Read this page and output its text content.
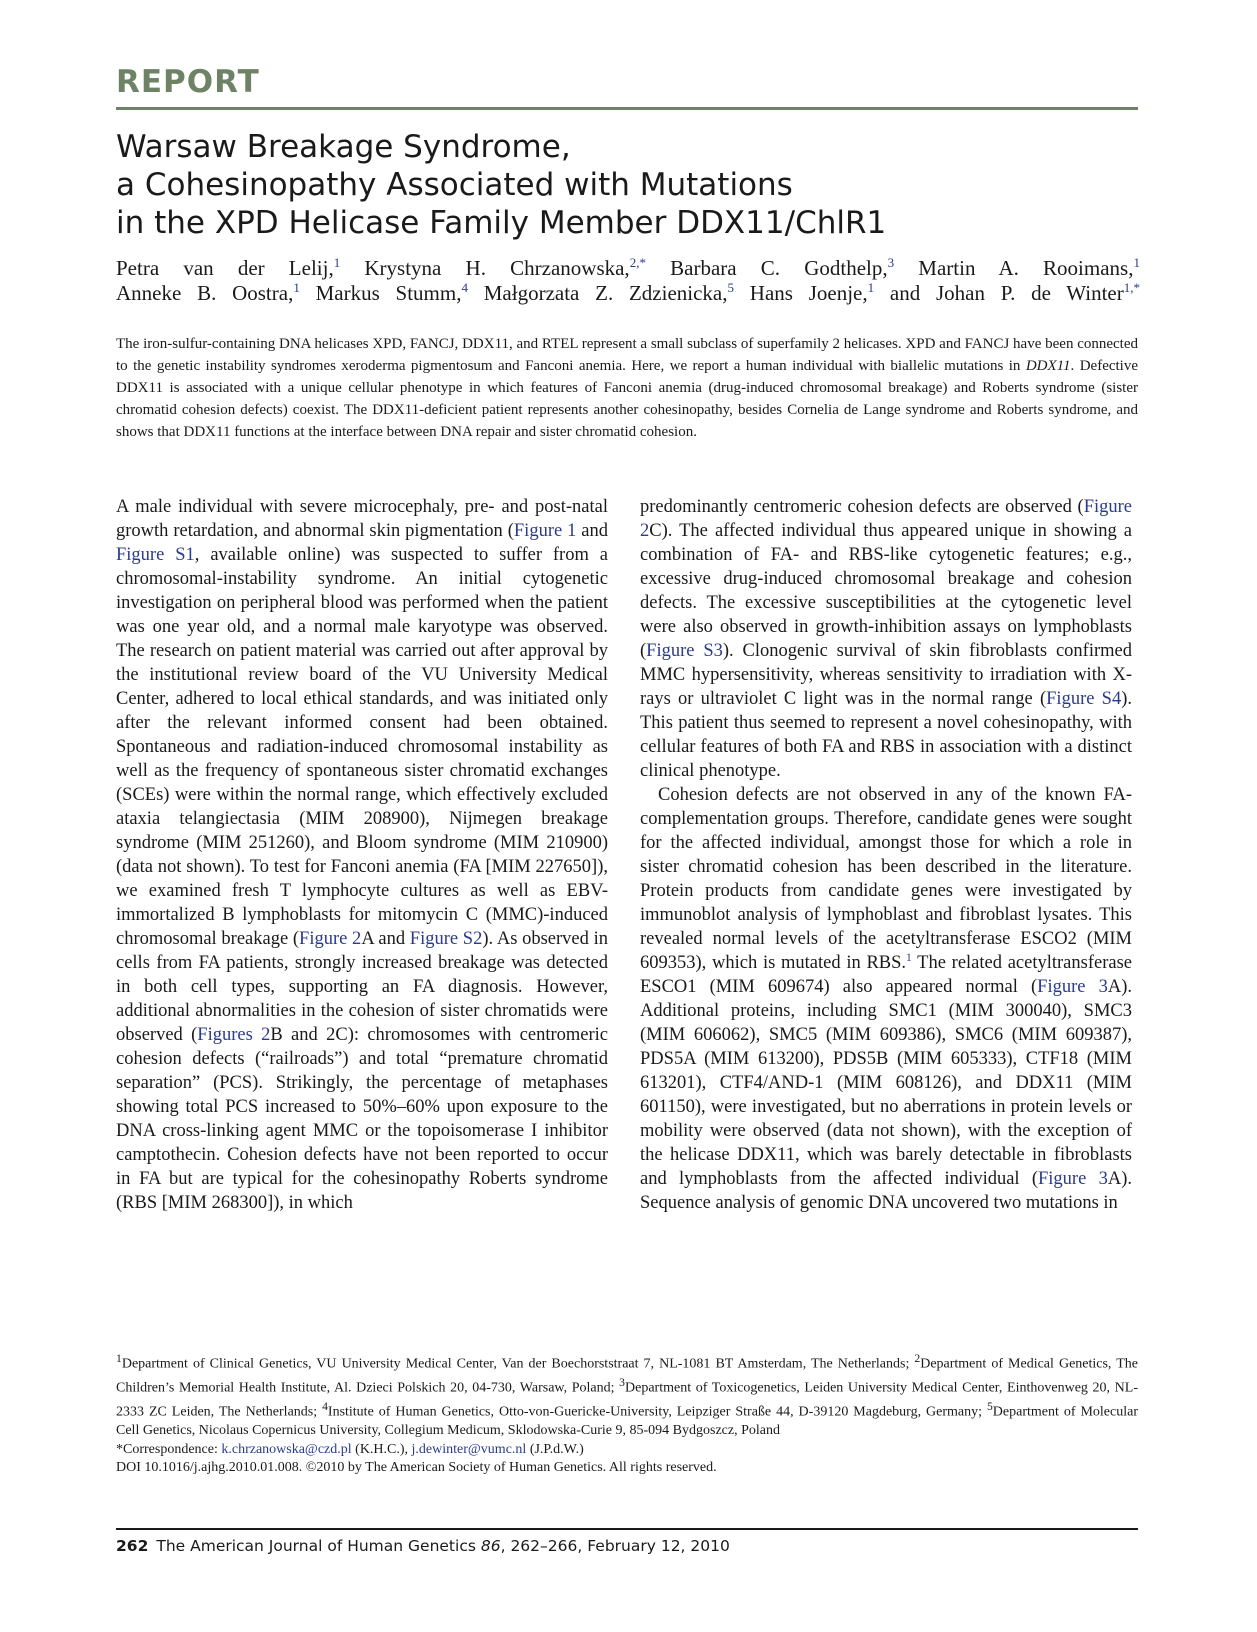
REPORT
Warsaw Breakage Syndrome,
a Cohesinopathy Associated with Mutations
in the XPD Helicase Family Member DDX11/ChlR1
Petra van der Lelij,$^1$ Krystyna H. Chrzanowska,$^{2,*}$ Barbara C. Godthelp,$^3$ Martin A. Rooimans,$^1$
Anneke B. Oostra,$^1$ Markus Stumm,$^4$ Małgorzata Z. Zdzienicka,$^5$ Hans Joenje,$^1$ and Johan P. de Winter$^{1,*}$

The iron-sulfur-containing DNA helicases XPD, FANCJ, DDX11, and RTEL represent a small subclass of superfamily 2 helicases. XPD and FANCJ have been connected to the genetic instability syndromes xeroderma pigmentosum and Fanconi anemia. Here, we report a human individual with biallelic mutations in DDX11. Defective DDX11 is associated with a unique cellular phenotype in which features of Fanconi anemia (drug-induced chromosomal breakage) and Roberts syndrome (sister chromatid cohesion defects) coexist. The DDX11-deficient patient represents another cohesinopathy, besides Cornelia de Lange syndrome and Roberts syndrome, and shows that DDX11 functions at the interface between DNA repair and sister chromatid cohesion.

A male individual with severe microcephaly, pre- and post-natal growth retardation, and abnormal skin pigmentation (Figure 1 and Figure S1, available online) was suspected to suffer from a chromosomal-instability syndrome. An initial cytogenetic investigation on peripheral blood was performed when the patient was one year old, and a normal male karyotype was observed. The research on patient material was carried out after approval by the institutional review board of the VU University Medical Center, adhered to local ethical standards, and was initiated only after the relevant informed consent had been obtained. Spontaneous and radiation-induced chromosomal instability as well as the frequency of spontaneous sister chromatid exchanges (SCEs) were within the normal range, which effectively excluded ataxia telangiectasia (MIM 208900), Nijmegen breakage syndrome (MIM 251260), and Bloom syndrome (MIM 210900) (data not shown). To test for Fanconi anemia (FA [MIM 227650]), we examined fresh T lymphocyte cultures as well as EBV-immortalized B lymphoblasts for mitomycin C (MMC)-induced chromosomal breakage (Figure 2A and Figure S2). As observed in cells from FA patients, strongly increased breakage was detected in both cell types, supporting an FA diagnosis. However, additional abnormalities in the cohesion of sister chromatids were observed (Figures 2B and 2C): chromosomes with centromeric cohesion defects (“railroads”) and total “premature chromatid separation” (PCS). Strikingly, the percentage of metaphases showing total PCS increased to 50%–60% upon exposure to the DNA cross-linking agent MMC or the topoisomerase I inhibitor camptothecin. Cohesion defects have not been reported to occur in FA but are typical for the cohesinopathy Roberts syndrome (RBS [MIM 268300]), in which

predominantly centromeric cohesion defects are observed (Figure 2C). The affected individual thus appeared unique in showing a combination of FA- and RBS-like cytogenetic features; e.g., excessive drug-induced chromosomal breakage and cohesion defects. The excessive susceptibilities at the cytogenetic level were also observed in growth-inhibition assays on lymphoblasts (Figure S3). Clonogenic survival of skin fibroblasts confirmed MMC hypersensitivity, whereas sensitivity to irradiation with X-rays or ultraviolet C light was in the normal range (Figure S4). This patient thus seemed to represent a novel cohesinopathy, with cellular features of both FA and RBS in association with a distinct clinical phenotype.

Cohesion defects are not observed in any of the known FA-complementation groups. Therefore, candidate genes were sought for the affected individual, amongst those for which a role in sister chromatid cohesion has been described in the literature. Protein products from candidate genes were investigated by immunoblot analysis of lymphoblast and fibroblast lysates. This revealed normal levels of the acetyltransferase ESCO2 (MIM 609353), which is mutated in RBS.$^1$ The related acetyltransferase ESCO1 (MIM 609674) also appeared normal (Figure 3A). Additional proteins, including SMC1 (MIM 300040), SMC3 (MIM 606062), SMC5 (MIM 609386), SMC6 (MIM 609387), PDS5A (MIM 613200), PDS5B (MIM 605333), CTF18 (MIM 613201), CTF4/AND-1 (MIM 608126), and DDX11 (MIM 601150), were investigated, but no aberrations in protein levels or mobility were observed (data not shown), with the exception of the helicase DDX11, which was barely detectable in fibroblasts and lymphoblasts from the affected individual (Figure 3A). Sequence analysis of genomic DNA uncovered two mutations in

$^1$Department of Clinical Genetics, VU University Medical Center, Van der Boechorststraat 7, NL-1081 BT Amsterdam, The Netherlands; $^2$Department of Medical Genetics, The Children’s Memorial Health Institute, Al. Dzieci Polskich 20, 04-730, Warsaw, Poland; $^3$Department of Toxicogenetics, Leiden University Medical Center, Einthovenweg 20, NL-2333 ZC Leiden, The Netherlands; $^4$Institute of Human Genetics, Otto-von-Guericke-University, Leipziger Straße 44, D-39120 Magdeburg, Germany; $^5$Department of Molecular Cell Genetics, Nicolaus Copernicus University, Collegium Medicum, Sklodowska-Curie 9, 85-094 Bydgoszcz, Poland

*Correspondence: k.chrzanowska@czd.pl (K.H.C.), j.dewinter@vumc.nl (J.P.d.W.)

DOI 10.1016/j.ajhg.2010.01.008. ©2010 by The American Society of Human Genetics. All rights reserved.

262 The American Journal of Human Genetics 86, 262–266, February 12, 2010
